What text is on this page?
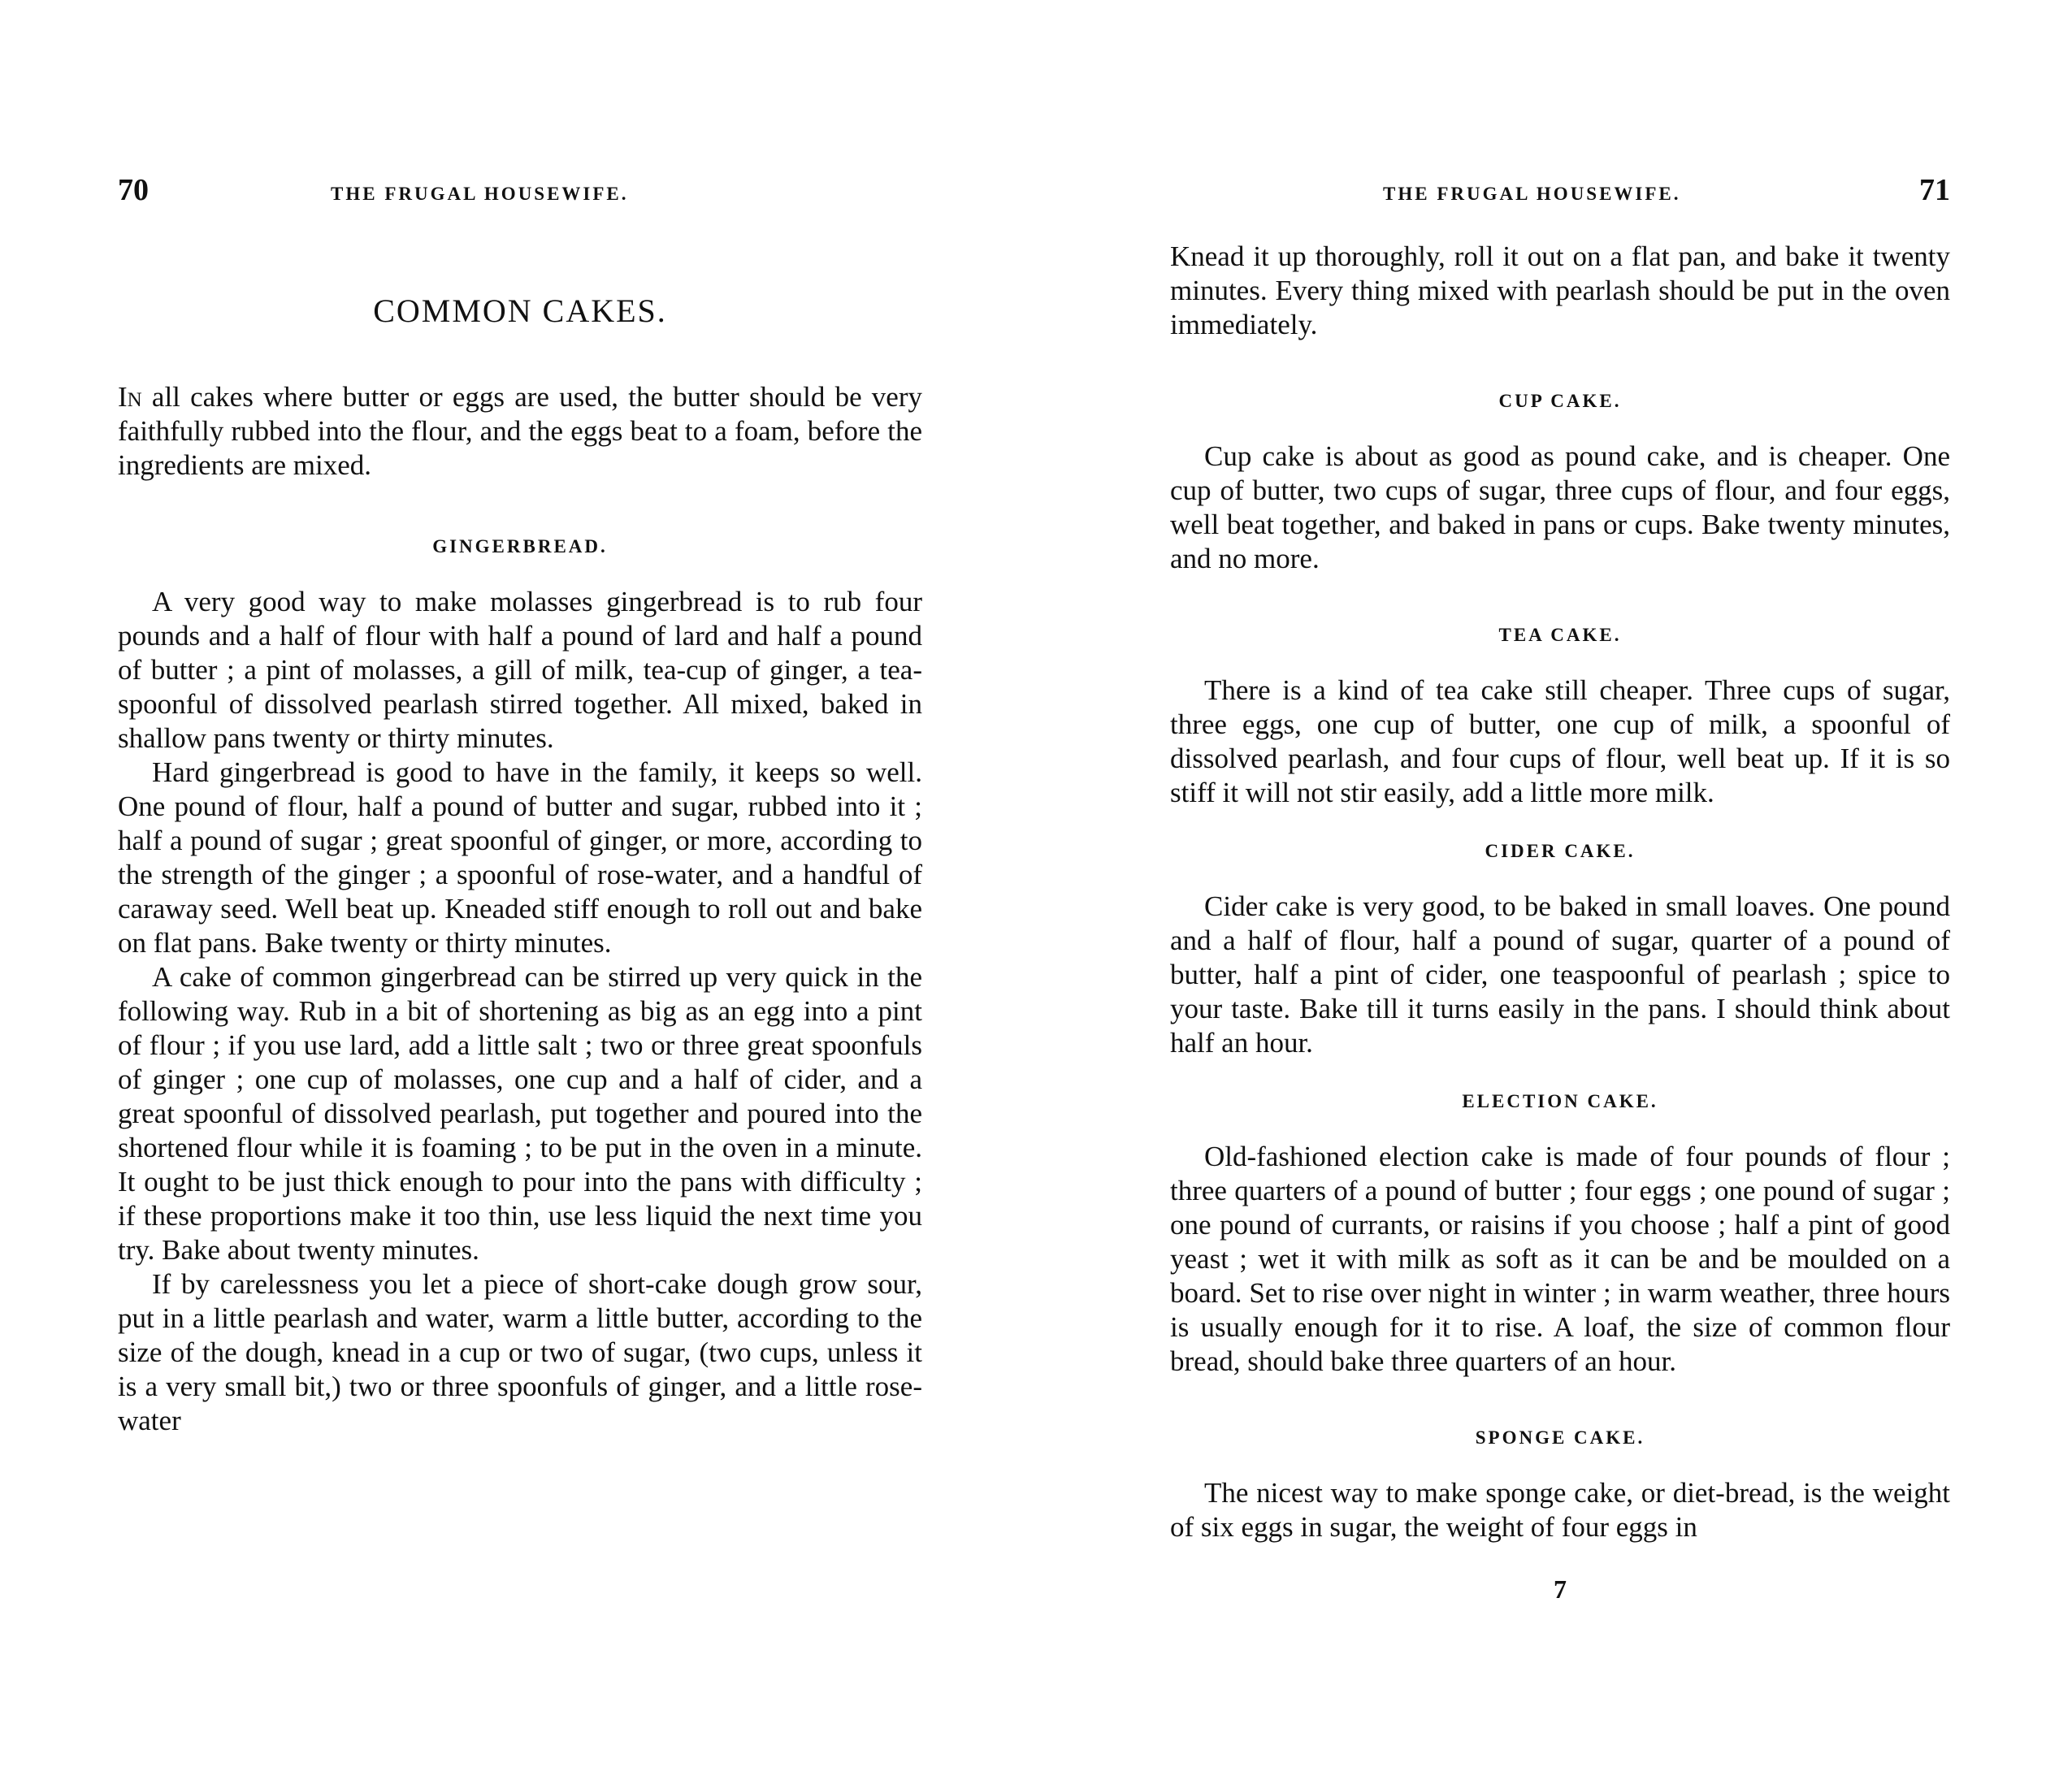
70	THE FRUGAL HOUSEWIFE.
COMMON CAKES.

In all cakes where butter or eggs are used, the butter should be very faithfully rubbed into the flour, and the eggs beat to a foam, before the ingredients are mixed.

GINGERBREAD.

A very good way to make molasses gingerbread is to rub four pounds and a half of flour with half a pound of lard and half a pound of butter ; a pint of molasses, a gill of milk, tea-cup of ginger, a tea-spoonful of dissolved pearlash stirred together. All mixed, baked in shallow pans twenty or thirty minutes.

Hard gingerbread is good to have in the family, it keeps so well. One pound of flour, half a pound of butter and sugar, rubbed into it ; half a pound of sugar ; great spoonful of ginger, or more, according to the strength of the ginger ; a spoonful of rose-water, and a handful of caraway seed. Well beat up. Kneaded stiff enough to roll out and bake on flat pans. Bake twenty or thirty minutes.

A cake of common gingerbread can be stirred up very quick in the following way. Rub in a bit of shortening as big as an egg into a pint of flour ; if you use lard, add a little salt ; two or three great spoonfuls of ginger ; one cup of molasses, one cup and a half of cider, and a great spoonful of dissolved pearlash, put together and poured into the shortened flour while it is foaming ; to be put in the oven in a minute. It ought to be just thick enough to pour into the pans with difficulty ; if these proportions make it too thin, use less liquid the next time you try. Bake about twenty minutes.

If by carelessness you let a piece of short-cake dough grow sour, put in a little pearlash and water, warm a little butter, according to the size of the dough, knead in a cup or two of sugar, (two cups, unless it is a very small bit,) two or three spoonfuls of ginger, and a little rose-water

THE FRUGAL HOUSEWIFE.	71

Knead it up thoroughly, roll it out on a flat pan, and bake it twenty minutes. Every thing mixed with pearlash should be put in the oven immediately.

CUP CAKE.

Cup cake is about as good as pound cake, and is cheaper. One cup of butter, two cups of sugar, three cups of flour, and four eggs, well beat together, and baked in pans or cups. Bake twenty minutes, and no more.

TEA CAKE.

There is a kind of tea cake still cheaper. Three cups of sugar, three eggs, one cup of butter, one cup of milk, a spoonful of dissolved pearlash, and four cups of flour, well beat up. If it is so stiff it will not stir easily, add a little more milk.

CIDER CAKE.

Cider cake is very good, to be baked in small loaves. One pound and a half of flour, half a pound of sugar, quarter of a pound of butter, half a pint of cider, one teaspoonful of pearlash ; spice to your taste. Bake till it turns easily in the pans. I should think about half an hour.

ELECTION CAKE.

Old-fashioned election cake is made of four pounds of flour ; three quarters of a pound of butter ; four eggs ; one pound of sugar ; one pound of currants, or raisins if you choose ; half a pint of good yeast ; wet it with milk as soft as it can be and be moulded on a board. Set to rise over night in winter ; in warm weather, three hours is usually enough for it to rise. A loaf, the size of common flour bread, should bake three quarters of an hour.

SPONGE CAKE.

The nicest way to make sponge cake, or diet-bread, is the weight of six eggs in sugar, the weight of four eggs in

7
